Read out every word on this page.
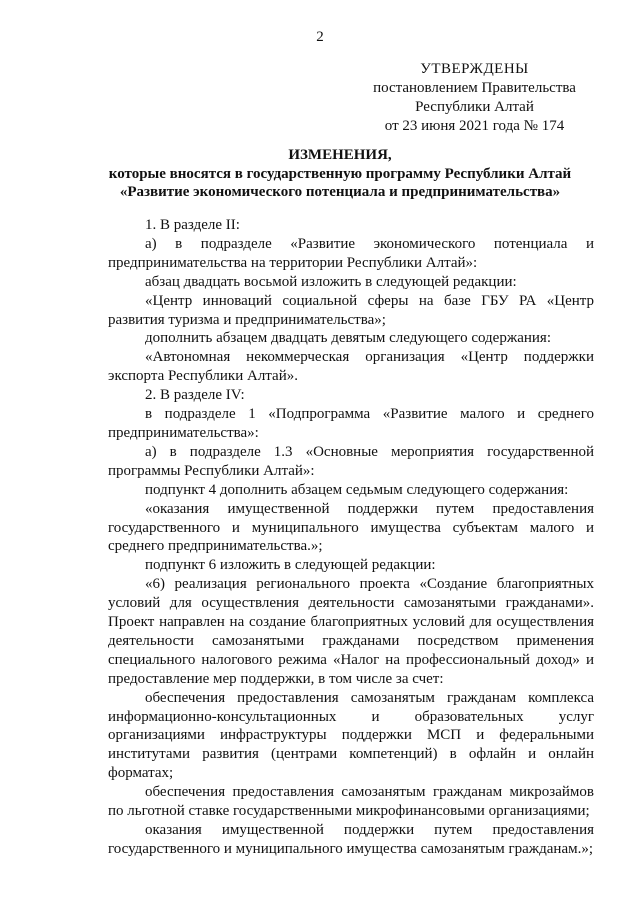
2
УТВЕРЖДЕНЫ
постановлением Правительства
Республики Алтай
от 23 июня 2021 года № 174
ИЗМЕНЕНИЯ,
которые вносятся в государственную программу Республики Алтай
«Развитие экономического потенциала и предпринимательства»

1. В разделе II:

а) в подразделе «Развитие экономического потенциала и предпринимательства на территории Республики Алтай»:

абзац двадцать восьмой изложить в следующей редакции:

«Центр инноваций социальной сферы на базе ГБУ РА «Центр развития туризма и предпринимательства»;

дополнить абзацем двадцать девятым следующего содержания:

«Автономная некоммерческая организация «Центр поддержки экспорта Республики Алтай».

2. В разделе IV:

в подразделе 1 «Подпрограмма «Развитие малого и среднего предпринимательства»:

а) в подразделе 1.3 «Основные мероприятия государственной программы Республики Алтай»:

подпункт 4 дополнить абзацем седьмым следующего содержания:

«оказания имущественной поддержки путем предоставления государственного и муниципального имущества субъектам малого и среднего предпринимательства.»;

подпункт 6 изложить в следующей редакции:

«6) реализация регионального проекта «Создание благоприятных условий для осуществления деятельности самозанятыми гражданами». Проект направлен на создание благоприятных условий для осуществления деятельности самозанятыми гражданами посредством применения специального налогового режима «Налог на профессиональный доход» и предоставление мер поддержки, в том числе за счет:

обеспечения предоставления самозанятым гражданам комплекса информационно-консультационных и образовательных услуг организациями инфраструктуры поддержки МСП и федеральными институтами развития (центрами компетенций) в офлайн и онлайн форматах;

обеспечения предоставления самозанятым гражданам микрозаймов по льготной ставке государственными микрофинансовыми организациями;

оказания имущественной поддержки путем предоставления государственного и муниципального имущества самозанятым гражданам.»;
